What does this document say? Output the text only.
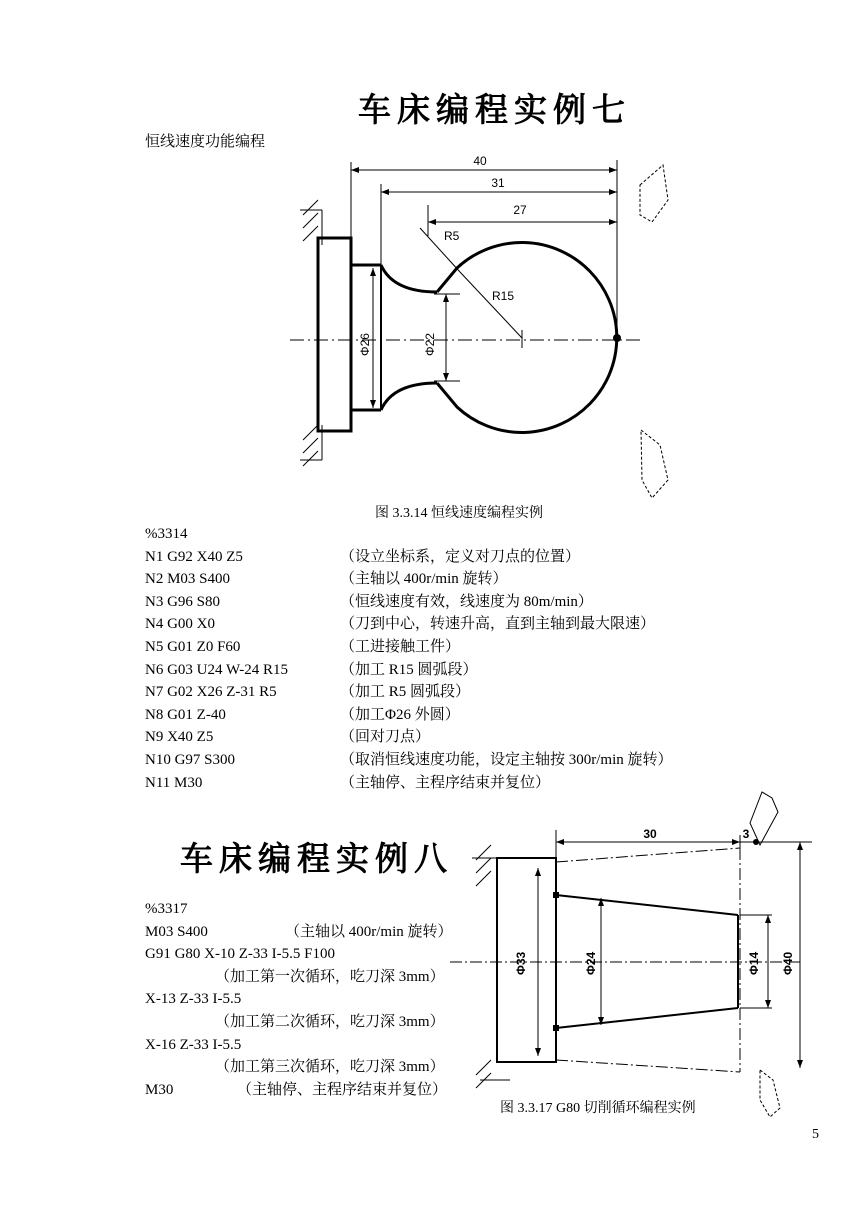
车床编程实例七
恒线速度功能编程
40
31
27
R5
R15
Φ26	Φ22
30	3
Φ33	Φ24	Φ14 Φ40
图 3.3.14 恒线速度编程实例
%3314
N1 G92 X40 Z5	（设立坐标系，定义对刀点的位置）
N2 M03 S400	（主轴以 400r/min 旋转）
N3 G96 S80	（恒线速度有效，线速度为 80m/min）
N4 G00 X0	（刀到中心，转速升高，直到主轴到最大限速）
N5 G01 Z0 F60	（工进接触工件）
N6 G03 U24 W-24 R15	（加工 R15 圆弧段）
N7 G02 X26 Z-31 R5	（加工 R5 圆弧段）
N8 G01 Z-40	（加工Φ26 外圆）
N9 X40 Z5	（回对刀点）
N10 G97 S300	（取消恒线速度功能，设定主轴按 300r/min 旋转）
N11 M30	（主轴停、主程序结束并复位）
车床编程实例八
%3317
M03 S400	（主轴以 400r/min 旋转）
G91 G80 X-10 Z-33 I-5.5 F100
（加工第一次循环，吃刀深 3mm）
X-13 Z-33 I-5.5
（加工第二次循环，吃刀深 3mm）
X-16 Z-33 I-5.5
（加工第三次循环，吃刀深 3mm）
M30	（主轴停、主程序结束并复位）
图 3.3.17 G80 切削循环编程实例
5
